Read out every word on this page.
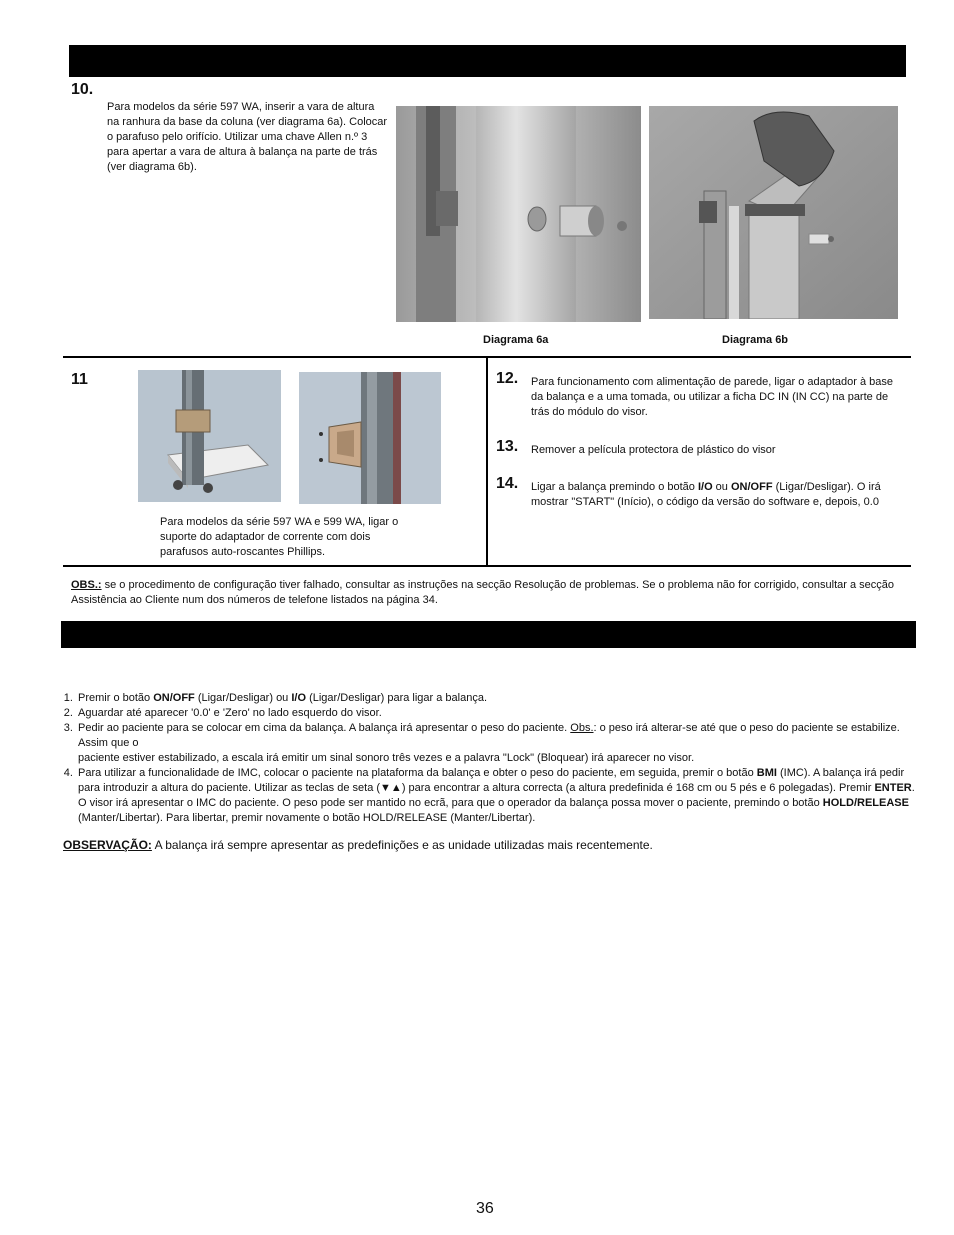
10.
Para modelos da série 597 WA, inserir a vara de altura na ranhura da base da coluna (ver diagrama 6a). Colocar o parafuso pelo orifício. Utilizar uma chave Allen n.º 3 para apertar a vara de altura à balança na parte de trás (ver diagrama 6b).
Diagrama 6a	Diagrama 6b
11
Para modelos da série 597 WA e 599 WA, ligar o suporte do adaptador de corrente com dois parafusos auto-roscantes Phillips.
12. Para funcionamento com alimentação de parede, ligar o adaptador à base da balança e a uma tomada, ou utilizar a ficha DC IN (IN CC) na parte de trás do módulo do visor.
13. Remover a película protectora de plástico do visor
14. Ligar a balança premindo o botão I/O ou ON/OFF (Ligar/Desligar). O irá mostrar "START" (Início), o código da versão do software e, depois, 0.0
OBS.: se o procedimento de configuração tiver falhado, consultar as instruções na secção Resolução de problemas. Se o problema não for corrigido, consultar a secção Assistência ao Cliente num dos números de telefone listados na página 34.
1. Premir o botão ON/OFF (Ligar/Desligar) ou I/O (Ligar/Desligar) para ligar a balança.
2. Aguardar até aparecer '0.0' e 'Zero' no lado esquerdo do visor.
3. Pedir ao paciente para se colocar em cima da balança. A balança irá apresentar o peso do paciente. Obs.: o peso irá alterar-se até que o peso do paciente se estabilize. Assim que o
paciente estiver estabilizado, a escala irá emitir um sinal sonoro três vezes e a palavra "Lock" (Bloquear) irá aparecer no visor.
4. Para utilizar a funcionalidade de IMC, colocar o paciente na plataforma da balança e obter o peso do paciente, em seguida, premir o botão BMI (IMC). A balança irá pedir para introduzir a altura do paciente. Utilizar as teclas de seta (▼▲) para encontrar a altura correcta (a altura predefinida é 168 cm ou 5 pés e 6 polegadas). Premir ENTER. O visor irá apresentar o IMC do paciente. O peso pode ser mantido no ecrã, para que o operador da balança possa mover o paciente, premindo o botão HOLD/RELEASE (Manter/Libertar). Para libertar, premir novamente o botão HOLD/RELEASE (Manter/Libertar).
OBSERVAÇÃO: A balança irá sempre apresentar as predefinições e as unidade utilizadas mais recentemente.
36
